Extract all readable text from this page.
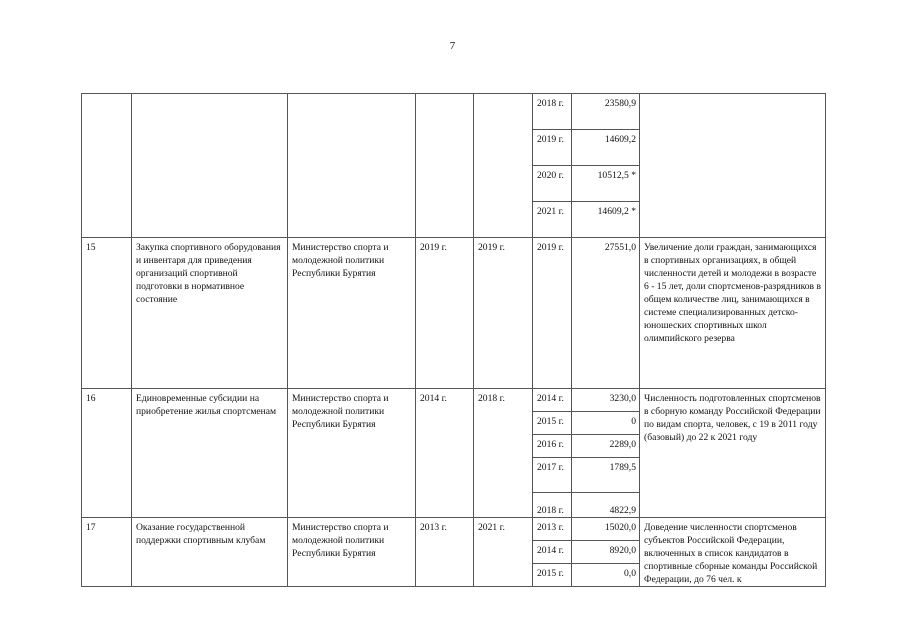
7
					2018 г.	23580,9	
					2019 г.	14609,2	
					2020 г.	10512,5 *	
					2021 г.	14609,2 *	
15	Закупка спортивного оборудования и инвентаря для приведения организаций спортивной подготовки в нормативное состояние	Министерство спорта и молодежной политики Республики Бурятия	2019 г.	2019 г.	2019 г.	27551,0	Увеличение доли граждан, занимающихся в спортивных организациях, в общей численности детей и молодежи в возрасте 6 - 15 лет, доли спортсменов-разрядников в общем количестве лиц, занимающихся в системе специализированных детско-юношеских спортивных школ олимпийского резерва
16	Единовременные субсидии на приобретение жилья спортсменам	Министерство спорта и молодежной политики Республики Бурятия	2014 г.	2018 г.	2014 г.	3230,0	Численность подготовленных спортсменов в сборную команду Российской Федерации по видам спорта, человек, с 19 в 2011 году (базовый) до 22 к 2021 году
					2015 г.	0	
					2016 г.	2289,0	
					2017 г.	1789,5	
					2018 г.	4822,9	
17	Оказание государственной поддержки спортивным клубам	Министерство спорта и молодежной политики Республики Бурятия	2013 г.	2021 г.	2013 г.	15020,0	Доведение численности спортсменов субъектов Российской Федерации, включенных в список кандидатов в спортивные сборные команды Российской Федерации, до 76 чел. к
					2014 г.	8920,0	
					2015 г.	0,0	
